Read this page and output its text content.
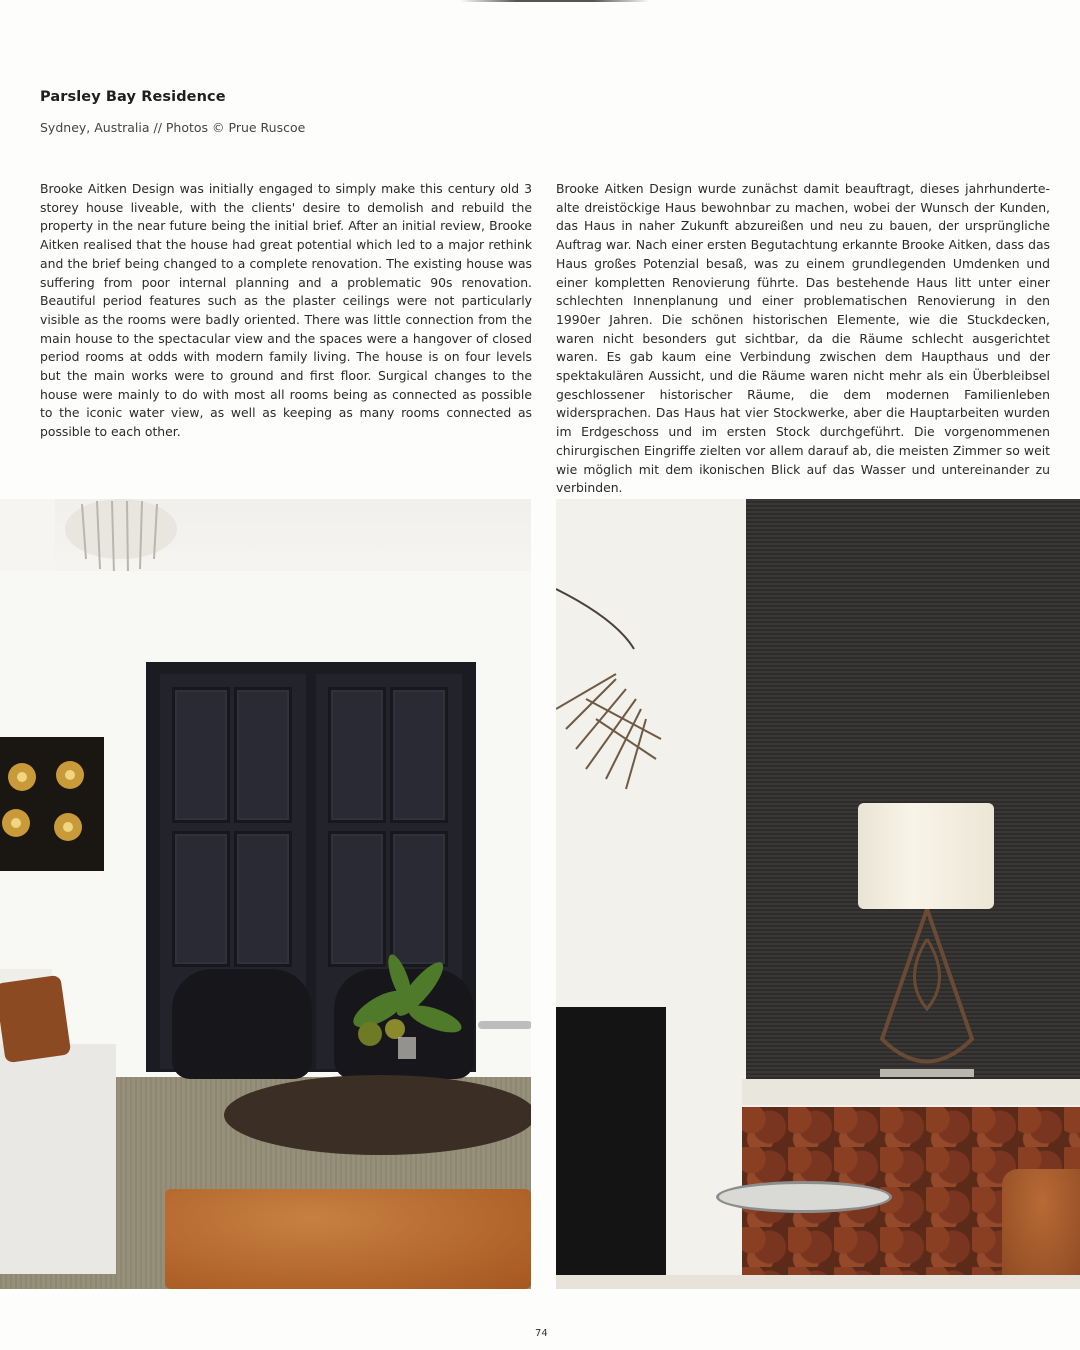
Parsley Bay Residence
Sydney, Australia // Photos © Prue Ruscoe
Brooke Aitken Design was initially engaged to simply make this century old 3 storey house liveable, with the clients' desire to demolish and rebuild the property in the near future being the initial brief. After an initial review, Brooke Aitken realised that the house had great potential which led to a major rethink and the brief being changed to a complete renovation. The existing house was suffering from poor internal planning and a problematic 90s renovation. Beautiful period features such as the plaster ceilings were not particularly visible as the rooms were badly oriented. There was little connection from the main house to the spectacular view and the spaces were a hangover of closed period rooms at odds with modern family living. The house is on four levels but the main works were to ground and first floor. Surgical changes to the house were mainly to do with most all rooms being as connected as possible to the iconic water view, as well as keeping as many rooms connected as possible to each other.
Brooke Aitken Design wurde zunächst damit beauftragt, dieses jahrhundertealte dreistöckige Haus bewohnbar zu machen, wobei der Wunsch der Kunden, das Haus in naher Zukunft abzureißen und neu zu bauen, der ursprüngliche Auftrag war. Nach einer ersten Begutachtung erkannte Brooke Aitken, dass das Haus großes Potenzial besaß, was zu einem grundlegenden Umdenken und einer kompletten Renovierung führte. Das bestehende Haus litt unter einer schlechten Innenplanung und einer problematischen Renovierung in den 1990er Jahren. Die schönen historischen Elemente, wie die Stuckdecken, waren nicht besonders gut sichtbar, da die Räume schlecht ausgerichtet waren. Es gab kaum eine Verbindung zwischen dem Haupthaus und der spektakulären Aussicht, und die Räume waren nicht mehr als ein Überbleibsel geschlossener historischer Räume, die dem modernen Familienleben widersprachen. Das Haus hat vier Stockwerke, aber die Hauptarbeiten wurden im Erdgeschoss und im ersten Stock durchgeführt. Die vorgenommenen chirurgischen Eingriffe zielten vor allem darauf ab, die meisten Zimmer so weit wie möglich mit dem ikonischen Blick auf das Wasser und untereinander zu verbinden.
74
